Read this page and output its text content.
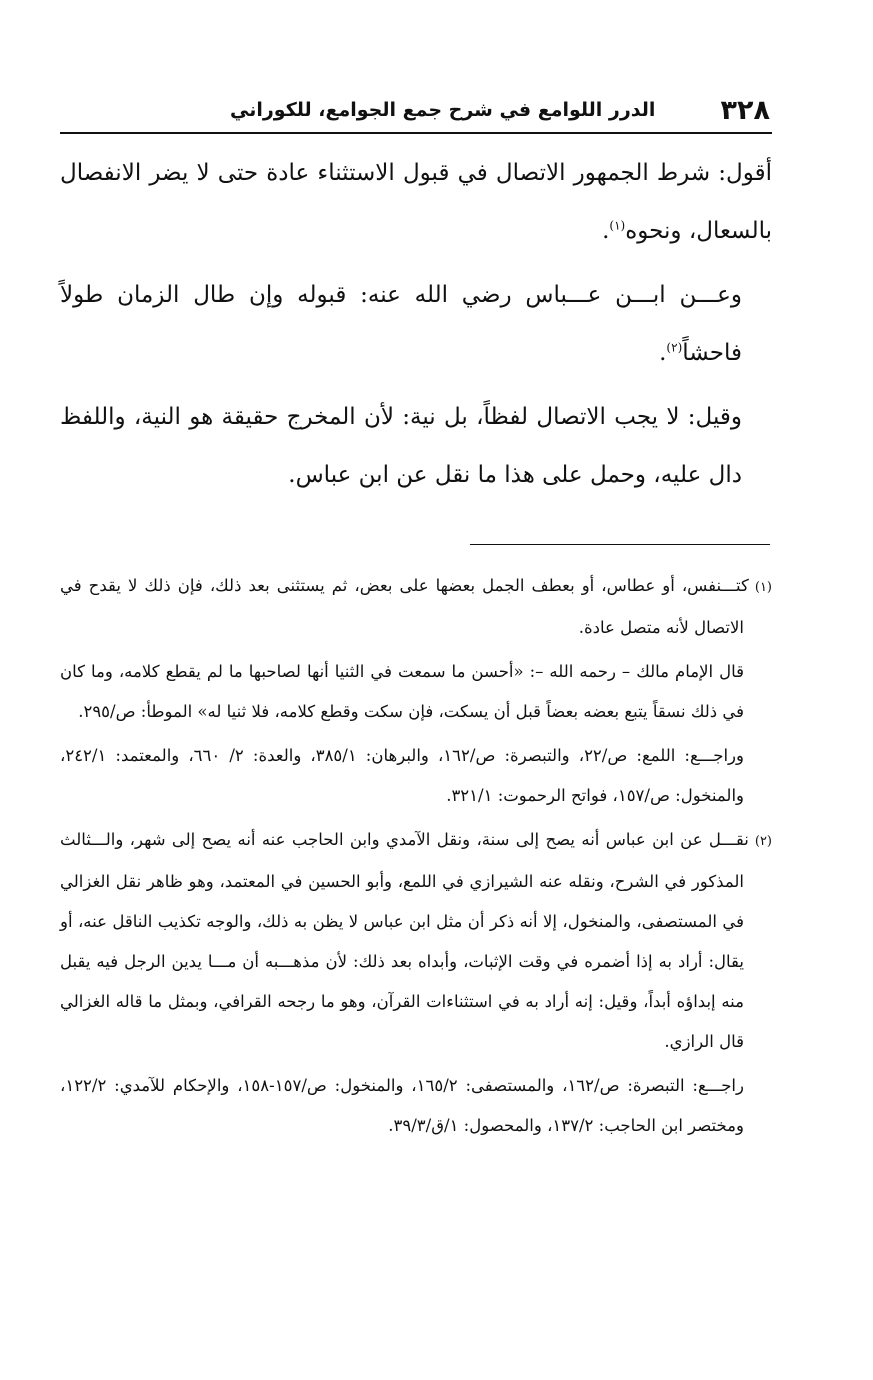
٣٢٨
الدرر اللوامع في شرح جمع الجوامع، للكوراني

أقول: شرط الجمهور الاتصال في قبول الاستثناء عادة حتى لا يضر الانفصال بالسعال، ونحوه$^{(١)}$.

وعـــن ابـــن عـــباس رضي الله عنه: قبوله وإن طال الزمان طولاً فاحشاً$^{(٢)}$.

وقيل: لا يجب الاتصال لفظاً، بل نية: لأن المخرج حقيقة هو النية، واللفظ دال عليه، وحمل على هذا ما نقل عن ابن عباس.

(١)كتـــنفس، أو عطاس، أو بعطف الجمل بعضها على بعض، ثم يستثنى بعد ذلك، فإن ذلك لا يقدح في الاتصال لأنه متصل عادة.

قال الإمام مالك – رحمه الله –: «أحسن ما سمعت في الثنيا أنها لصاحبها ما لم يقطع كلامه، وما كان في ذلك نسقاً يتبع بعضه بعضاً قبل أن يسكت، فإن سكت وقطع كلامه، فلا ثنيا له» الموطأ: ص/٢٩٥.

وراجـــع: اللمع: ص/٢٢، والتبصرة: ص/١٦٢، والبرهان: ٣٨٥/١، والعدة: ٢/ ٦٦٠، والمعتمد: ٢٤٢/١، والمنخول: ص/١٥٧، فواتح الرحموت: ٣٢١/١.

(٢)نقـــل عن ابن عباس أنه يصح إلى سنة، ونقل الآمدي وابن الحاجب عنه أنه يصح إلى شهر، والـــثالث المذكور في الشرح، ونقله عنه الشيرازي في اللمع، وأبو الحسين في المعتمد، وهو ظاهر نقل الغزالي في المستصفى، والمنخول، إلا أنه ذكر أن مثل ابن عباس لا يظن به ذلك، والوجه تكذيب الناقل عنه، أو يقال: أراد به إذا أضمره في وقت الإثبات، وأبداه بعد ذلك: لأن مذهـــبه أن مـــا يدين الرجل فيه يقبل منه إبداؤه أبداً، وقيل: إنه أراد به في استثناءات القرآن، وهو ما رجحه القرافي، وبمثل ما قاله الغزالي قال الرازي.

راجـــع: التبصرة: ص/١٦٢، والمستصفى: ١٦٥/٢، والمنخول: ص/١٥٧-١٥٨، والإحكام للآمدي: ١٢٢/٢، ومختصر ابن الحاجب: ١٣٧/٢، والمحصول: ١/ق/٣٩/٣.
